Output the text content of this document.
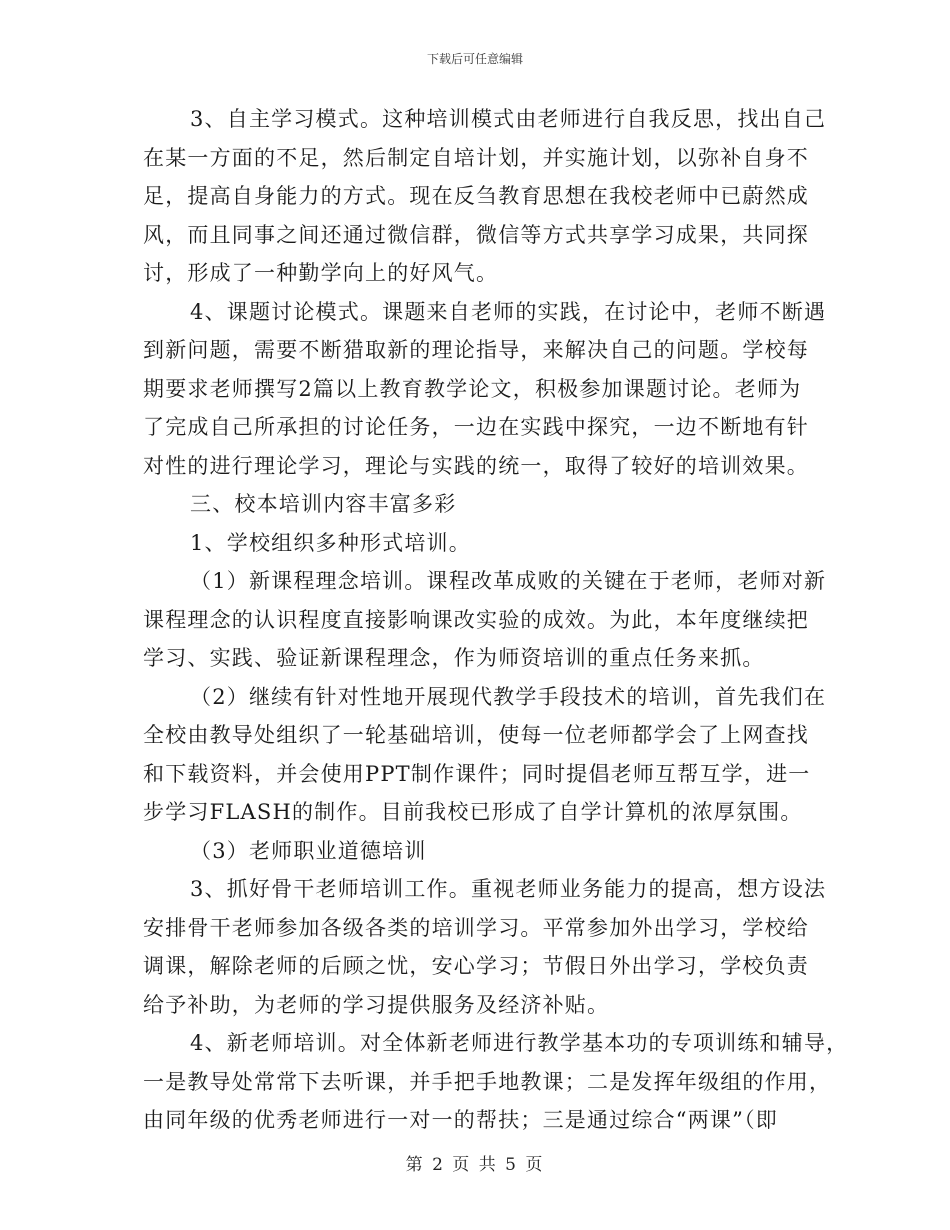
下载后可任意编辑
3、自主学习模式。这种培训模式由老师进行自我反思，找出自己
在某一方面的不足，然后制定自培计划，并实施计划，以弥补自身不
足，提高自身能力的方式。现在反刍教育思想在我校老师中已蔚然成
风，而且同事之间还通过微信群，微信等方式共享学习成果，共同探
讨，形成了一种勤学向上的好风气。
4、课题讨论模式。课题来自老师的实践，在讨论中，老师不断遇
到新问题，需要不断猎取新的理论指导，来解决自己的问题。学校每
期要求老师撰写2篇以上教育教学论文，积极参加课题讨论。老师为
了完成自己所承担的讨论任务，一边在实践中探究，一边不断地有针
对性的进行理论学习，理论与实践的统一，取得了较好的培训效果。
三、校本培训内容丰富多彩
1、学校组织多种形式培训。
（1）新课程理念培训。课程改革成败的关键在于老师，老师对新
课程理念的认识程度直接影响课改实验的成效。为此，本年度继续把
学习、实践、验证新课程理念，作为师资培训的重点任务来抓。
（2）继续有针对性地开展现代教学手段技术的培训，首先我们在
全校由教导处组织了一轮基础培训，使每一位老师都学会了上网查找
和下载资料，并会使用PPT制作课件；同时提倡老师互帮互学，进一
步学习FLASH的制作。目前我校已形成了自学计算机的浓厚氛围。
（3）老师职业道德培训
3、抓好骨干老师培训工作。重视老师业务能力的提高，想方设法
安排骨干老师参加各级各类的培训学习。平常参加外出学习，学校给
调课，解除老师的后顾之忧，安心学习；节假日外出学习，学校负责
给予补助，为老师的学习提供服务及经济补贴。
4、新老师培训。对全体新老师进行教学基本功的专项训练和辅导，
一是教导处常常下去听课，并手把手地教课；二是发挥年级组的作用，
由同年级的优秀老师进行一对一的帮扶；三是通过综合“两课”（即
第 2 页 共 5 页
